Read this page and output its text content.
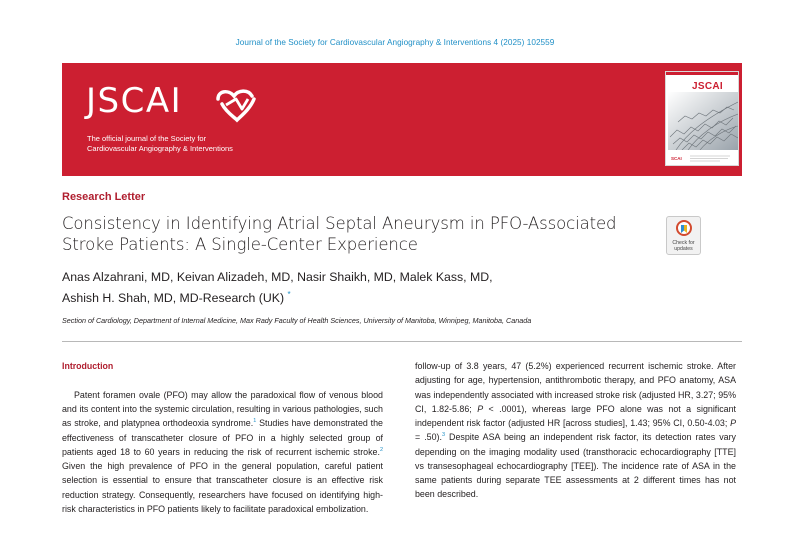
Journal of the Society for Cardiovascular Angiography & Interventions 4 (2025) 102559
JSCAI
The official journal of the Society for
Cardiovascular Angiography & Interventions
JSCAI
SCAI
Research Letter
Consistency in Identifying Atrial Septal Aneurysm in PFO-Associated
Stroke Patients: A Single-Center Experience	Check for
updates
Anas Alzahrani, MD, Keivan Alizadeh, MD, Nasir Shaikh, MD, Malek Kass, MD,
Ashish H. Shah, MD, MD-Research (UK) *
Section of Cardiology, Department of Internal Medicine, Max Rady Faculty of Health Sciences, University of Manitoba, Winnipeg, Manitoba, Canada
Introduction

Patent foramen ovale (PFO) may allow the paradoxical flow of venous blood and its content into the systemic circulation, resulting in various pathologies, such as stroke, and platypnea orthodeoxia syndrome.$^1$ Studies have demonstrated the effectiveness of transcatheter closure of PFO in a highly selected group of patients aged 18 to 60 years in reducing the risk of recurrent ischemic stroke.$^2$ Given the high prevalence of PFO in the general population, careful patient selection is essential to ensure that transcatheter closure is an effective risk reduction strategy. Consequently, researchers have focused on identifying high-risk characteristics in PFO patients likely to facilitate paradoxical embolization.

follow-up of 3.8 years, 47 (5.2%) experienced recurrent ischemic stroke. After adjusting for age, hypertension, antithrombotic therapy, and PFO anatomy, ASA was independently associated with increased stroke risk (adjusted HR, 3.27; 95% CI, 1.82-5.86; P < .0001), whereas large PFO alone was not a significant independent risk factor (adjusted HR [across studies], 1.43; 95% CI, 0.50-4.03; P = .50).$^3$ Despite ASA being an independent risk factor, its detection rates vary depending on the imaging modality used (transthoracic echocardiography [TTE] vs transesophageal echocardiography [TEE]). The incidence rate of ASA in the same patients during separate TEE assessments at 2 different times has not been described.
